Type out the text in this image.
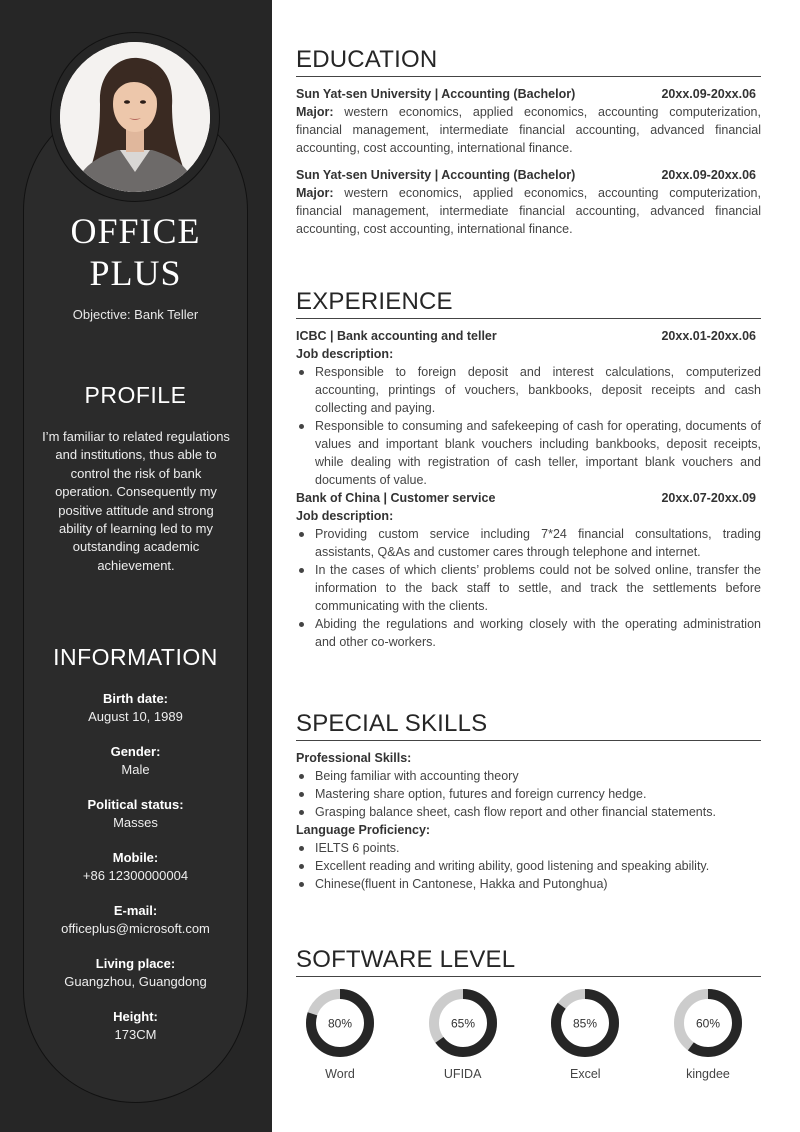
OFFICE
PLUS
Objective: Bank Teller
PROFILE
I’m familiar to related regulations and institutions, thus able to control the risk of bank operation. Consequently my positive attitude and strong ability of learning led to my outstanding academic achievement.
INFORMATION
Birth date:
August 10, 1989
Gender:
Male
Political status:
Masses
Mobile:
+86 12300000004
E-mail:
officeplus@microsoft.com
Living place:
Guangzhou, Guangdong
Height:
173CM
EDUCATION
Sun Yat-sen University | Accounting (Bachelor)	20xx.09-20xx.06
Major: western economics, applied economics, accounting computerization, financial management, intermediate financial accounting, advanced financial accounting, cost accounting, international finance.
Sun Yat-sen University | Accounting (Bachelor)	20xx.09-20xx.06
Major: western economics, applied economics, accounting computerization, financial management, intermediate financial accounting, advanced financial accounting, cost accounting, international finance.
EXPERIENCE
ICBC | Bank accounting and teller	20xx.01-20xx.06
Job description:
Responsible to foreign deposit and interest calculations, computerized accounting, printings of vouchers, bankbooks, deposit receipts and cash collecting and paying.
Responsible to consuming and safekeeping of cash for operating, documents of values and important blank vouchers including bankbooks, deposit receipts, while dealing with registration of cash teller, important blank vouchers and documents of value.
Bank of China | Customer service	20xx.07-20xx.09
Job description:
Providing custom service including 7*24 financial consultations, trading assistants, Q&As and customer cares through telephone and internet.
In the cases of which clients’ problems could not be solved online, transfer the information to the back staff to settle, and track the settlements before communicating with the clients.
Abiding the regulations and working closely with the operating administration and other co-workers.
SPECIAL SKILLS
Professional Skills:
Being familiar with accounting theory
Mastering share option, futures and foreign currency hedge.
Grasping balance sheet, cash flow report and other financial statements.
Language Proficiency:
IELTS 6 points.
Excellent reading and writing ability, good listening and speaking ability.
Chinese(fluent in Cantonese, Hakka and Putonghua)
SOFTWARE LEVEL
80%
Word
65%
UFIDA
85%
Excel
60%
kingdee
